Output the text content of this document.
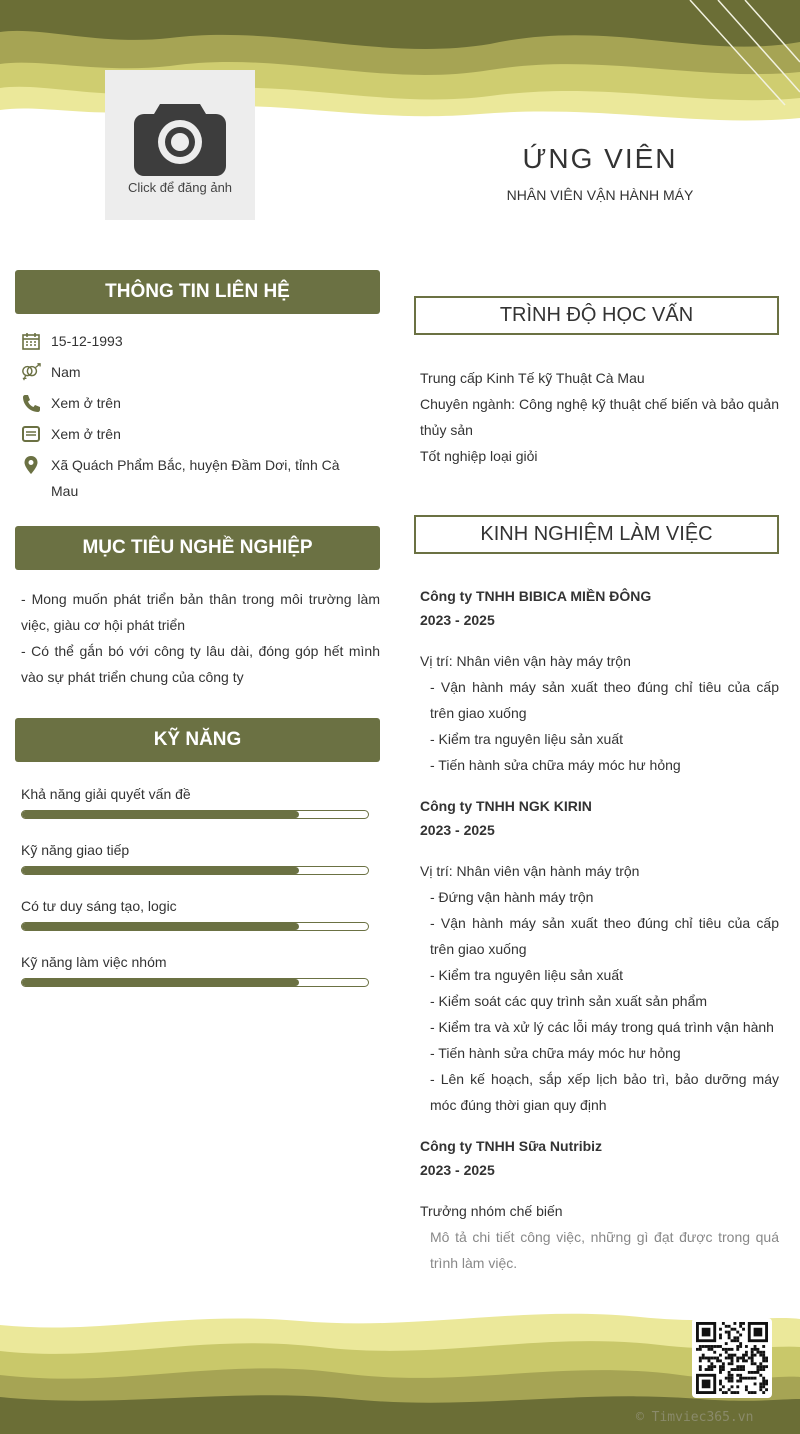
Click để đăng ảnh
ỨNG VIÊN
NHÂN VIÊN VẬN HÀNH MÁY
THÔNG TIN LIÊN HỆ
15-12-1993
Nam
Xem ở trên
Xem ở trên
Xã Quách Phẩm Bắc, huyện Đầm Dơi, tỉnh Cà Mau
MỤC TIÊU NGHỀ NGHIỆP

- Mong muốn phát triển bản thân trong môi trường làm việc, giàu cơ hội phát triển

- Có thể gắn bó với công ty lâu dài, đóng góp hết mình vào sự phát triển chung của công ty

KỸ NĂNG
Khả năng giải quyết vấn đề
Kỹ năng giao tiếp
Có tư duy sáng tạo, logic
Kỹ năng làm việc nhóm
TRÌNH ĐỘ HỌC VẤN
Trung cấp Kinh Tế kỹ Thuật Cà Mau
Chuyên ngành: Công nghệ kỹ thuật chế biến và bảo quản thủy sản
Tốt nghiệp loại giỏi
KINH NGHIỆM LÀM VIỆC
Công ty TNHH BIBICA MIỀN ĐÔNG
2023 - 2025
Vị trí: Nhân viên vận hày máy trộn
- Vận hành máy sản xuất theo đúng chỉ tiêu của cấp trên giao xuống
- Kiểm tra nguyên liệu sản xuất
- Tiến hành sửa chữa máy móc hư hỏng
Công ty TNHH NGK KIRIN
2023 - 2025
Vị trí: Nhân viên vận hành máy trộn
- Đứng vận hành máy trộn
- Vận hành máy sản xuất theo đúng chỉ tiêu của cấp trên giao xuống
- Kiểm tra nguyên liệu sản xuất
- Kiểm soát các quy trình sản xuất sản phẩm
- Kiểm tra và xử lý các lỗi máy trong quá trình vận hành
- Tiến hành sửa chữa máy móc hư hỏng
- Lên kế hoạch, sắp xếp lịch bảo trì, bảo dưỡng máy móc đúng thời gian quy định
Công ty TNHH Sữa Nutribiz
2023 - 2025
Trưởng nhóm chế biến
Mô tả chi tiết công việc, những gì đạt được trong quá trình làm việc.
© Timviec365.vn
